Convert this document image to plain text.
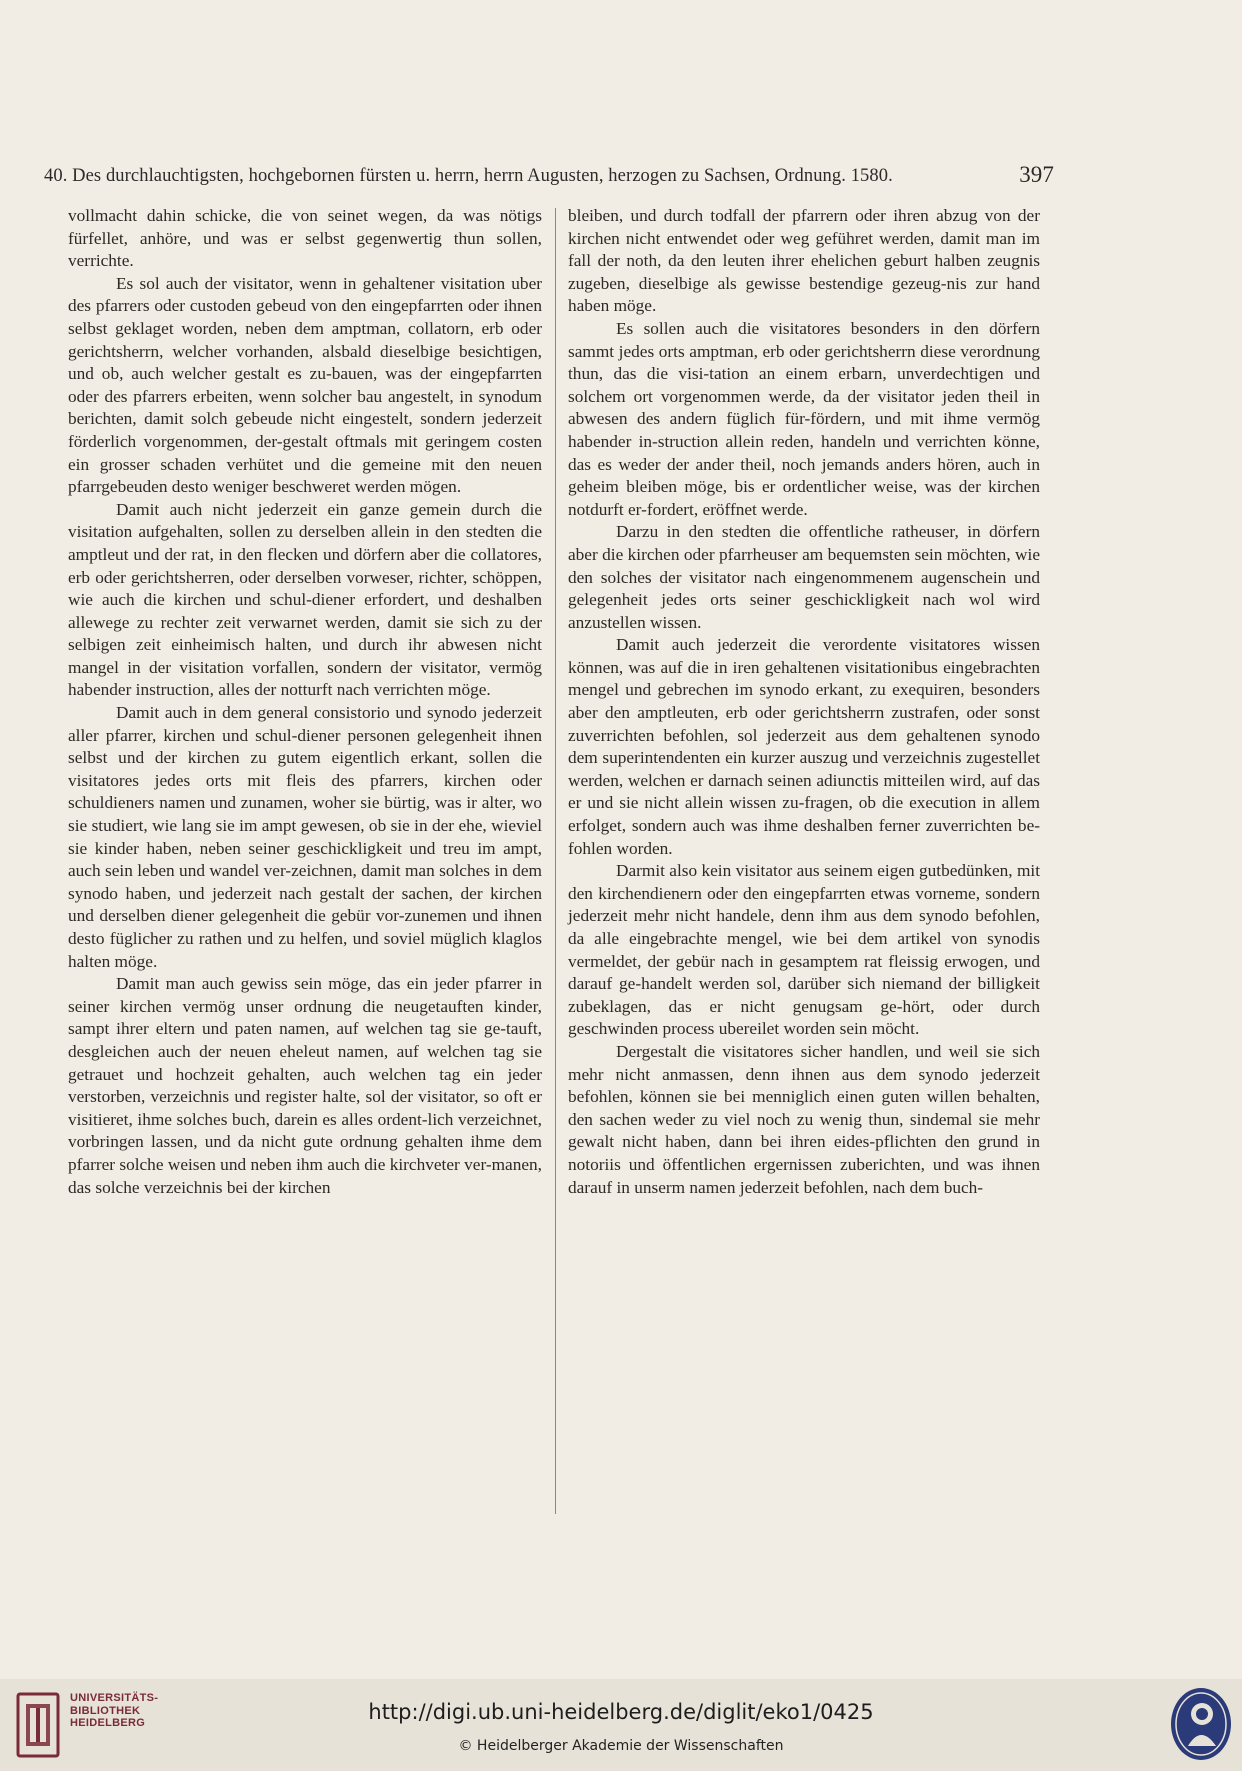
40. Des durchlauchtigsten, hochgebornen fürsten u. herrn, herrn Augusten, herzogen zu Sachsen, Ordnung. 1580.	397

vollmacht dahin schicke, die von seinet wegen, da was nötigs fürfellet, anhöre, und was er selbst gegenwertig thun sollen, verrichte.

Es sol auch der visitator, wenn in gehaltener visitation uber des pfarrers oder custoden gebeud von den eingepfarrten oder ihnen selbst geklaget worden, neben dem amptman, collatorn, erb oder gerichtsherrn, welcher vorhanden, alsbald dieselbige besichtigen, und ob, auch welcher gestalt es zu-bauen, was der eingepfarrten oder des pfarrers erbeiten, wenn solcher bau angestelt, in synodum berichten, damit solch gebeude nicht eingestelt, sondern jederzeit förderlich vorgenommen, der-gestalt oftmals mit geringem costen ein grosser schaden verhütet und die gemeine mit den neuen pfarrgebeuden desto weniger beschweret werden mögen.

Damit auch nicht jederzeit ein ganze gemein durch die visitation aufgehalten, sollen zu derselben allein in den stedten die amptleut und der rat, in den flecken und dörfern aber die collatores, erb oder gerichtsherren, oder derselben vorweser, richter, schöppen, wie auch die kirchen und schul-diener erfordert, und deshalben allewege zu rechter zeit verwarnet werden, damit sie sich zu der selbigen zeit einheimisch halten, und durch ihr abwesen nicht mangel in der visitation vorfallen, sondern der visitator, vermög habender instruction, alles der notturft nach verrichten möge.

Damit auch in dem general consistorio und synodo jederzeit aller pfarrer, kirchen und schul-diener personen gelegenheit ihnen selbst und der kirchen zu gutem eigentlich erkant, sollen die visitatores jedes orts mit fleis des pfarrers, kirchen oder schuldieners namen und zunamen, woher sie bürtig, was ir alter, wo sie studiert, wie lang sie im ampt gewesen, ob sie in der ehe, wieviel sie kinder haben, neben seiner geschickligkeit und treu im ampt, auch sein leben und wandel ver-zeichnen, damit man solches in dem synodo haben, und jederzeit nach gestalt der sachen, der kirchen und derselben diener gelegenheit die gebür vor-zunemen und ihnen desto füglicher zu rathen und zu helfen, und soviel müglich klaglos halten möge.

Damit man auch gewiss sein möge, das ein jeder pfarrer in seiner kirchen vermög unser ordnung die neugetauften kinder, sampt ihrer eltern und paten namen, auf welchen tag sie ge-tauft, desgleichen auch der neuen eheleut namen, auf welchen tag sie getrauet und hochzeit gehalten, auch welchen tag ein jeder verstorben, verzeichnis und register halte, sol der visitator, so oft er visitieret, ihme solches buch, darein es alles ordent-lich verzeichnet, vorbringen lassen, und da nicht gute ordnung gehalten ihme dem pfarrer solche weisen und neben ihm auch die kirchveter ver-manen, das solche verzeichnis bei der kirchen

bleiben, und durch todfall der pfarrern oder ihren abzug von der kirchen nicht entwendet oder weg geführet werden, damit man im fall der noth, da den leuten ihrer ehelichen geburt halben zeugnis zugeben, dieselbige als gewisse bestendige gezeug-nis zur hand haben möge.

Es sollen auch die visitatores besonders in den dörfern sammt jedes orts amptman, erb oder gerichtsherrn diese verordnung thun, das die visi-tation an einem erbarn, unverdechtigen und solchem ort vorgenommen werde, da der visitator jeden theil in abwesen des andern füglich für-fördern, und mit ihme vermög habender in-struction allein reden, handeln und verrichten könne, das es weder der ander theil, noch jemands anders hören, auch in geheim bleiben möge, bis er ordentlicher weise, was der kirchen notdurft er-fordert, eröffnet werde.

Darzu in den stedten die offentliche ratheuser, in dörfern aber die kirchen oder pfarrheuser am bequemsten sein möchten, wie den solches der visitator nach eingenommenem augenschein und gelegenheit jedes orts seiner geschickligkeit nach wol wird anzustellen wissen.

Damit auch jederzeit die verordente visitatores wissen können, was auf die in iren gehaltenen visitationibus eingebrachten mengel und gebrechen im synodo erkant, zu exequiren, besonders aber den amptleuten, erb oder gerichtsherrn zustrafen, oder sonst zuverrichten befohlen, sol jederzeit aus dem gehaltenen synodo dem superintendenten ein kurzer auszug und verzeichnis zugestellet werden, welchen er darnach seinen adiunctis mitteilen wird, auf das er und sie nicht allein wissen zu-fragen, ob die execution in allem erfolget, sondern auch was ihme deshalben ferner zuverrichten be-fohlen worden.

Darmit also kein visitator aus seinem eigen gutbedünken, mit den kirchendienern oder den eingepfarrten etwas vorneme, sondern jederzeit mehr nicht handele, denn ihm aus dem synodo befohlen, da alle eingebrachte mengel, wie bei dem artikel von synodis vermeldet, der gebür nach in gesamptem rat fleissig erwogen, und darauf ge-handelt werden sol, darüber sich niemand der billigkeit zubeklagen, das er nicht genugsam ge-hört, oder durch geschwinden process ubereilet worden sein möcht.

Dergestalt die visitatores sicher handlen, und weil sie sich mehr nicht anmassen, denn ihnen aus dem synodo jederzeit befohlen, können sie bei menniglich einen guten willen behalten, den sachen weder zu viel noch zu wenig thun, sindemal sie mehr gewalt nicht haben, dann bei ihren eides-pflichten den grund in notoriis und öffentlichen ergernissen zuberichten, und was ihnen darauf in unserm namen jederzeit befohlen, nach dem buch-

UNIVERSITÄTS-
BIBLIOTHEK
HEIDELBERG	http://digi.ub.uni-heidelberg.de/diglit/eko1/0425
© Heidelberger Akademie der Wissenschaften
